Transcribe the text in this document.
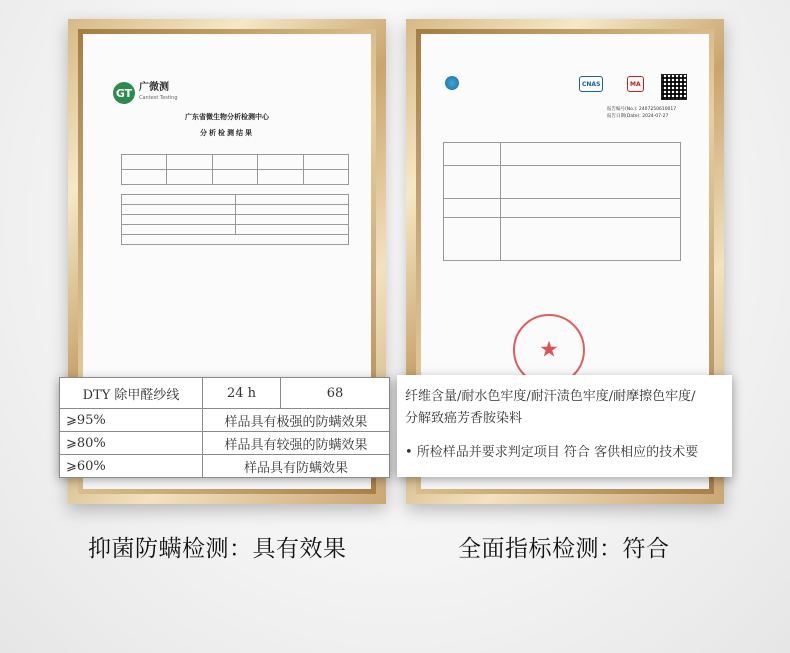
GT 广微测
Cantest Testing
广东省微生物分析检测中心

分析检测结果

CNAS	MA
报告编号(No.): 2407250610017
报告日期(Date): 2024-07-27

★
DTY 除甲醛纱线	24 h	68
⩾95%	样品具有极强的防螨效果	
⩾80%	样品具有较强的防螨效果	
⩾60%	样品具有防螨效果	
纤维含量/耐水色牢度/耐汗渍色牢度/耐摩擦色牢度/
分解致癌芳香胺染料
• 所检样品并要求判定项目 符合 客供相应的技术要
抑菌防螨检测：具有效果	全面指标检测：符合
